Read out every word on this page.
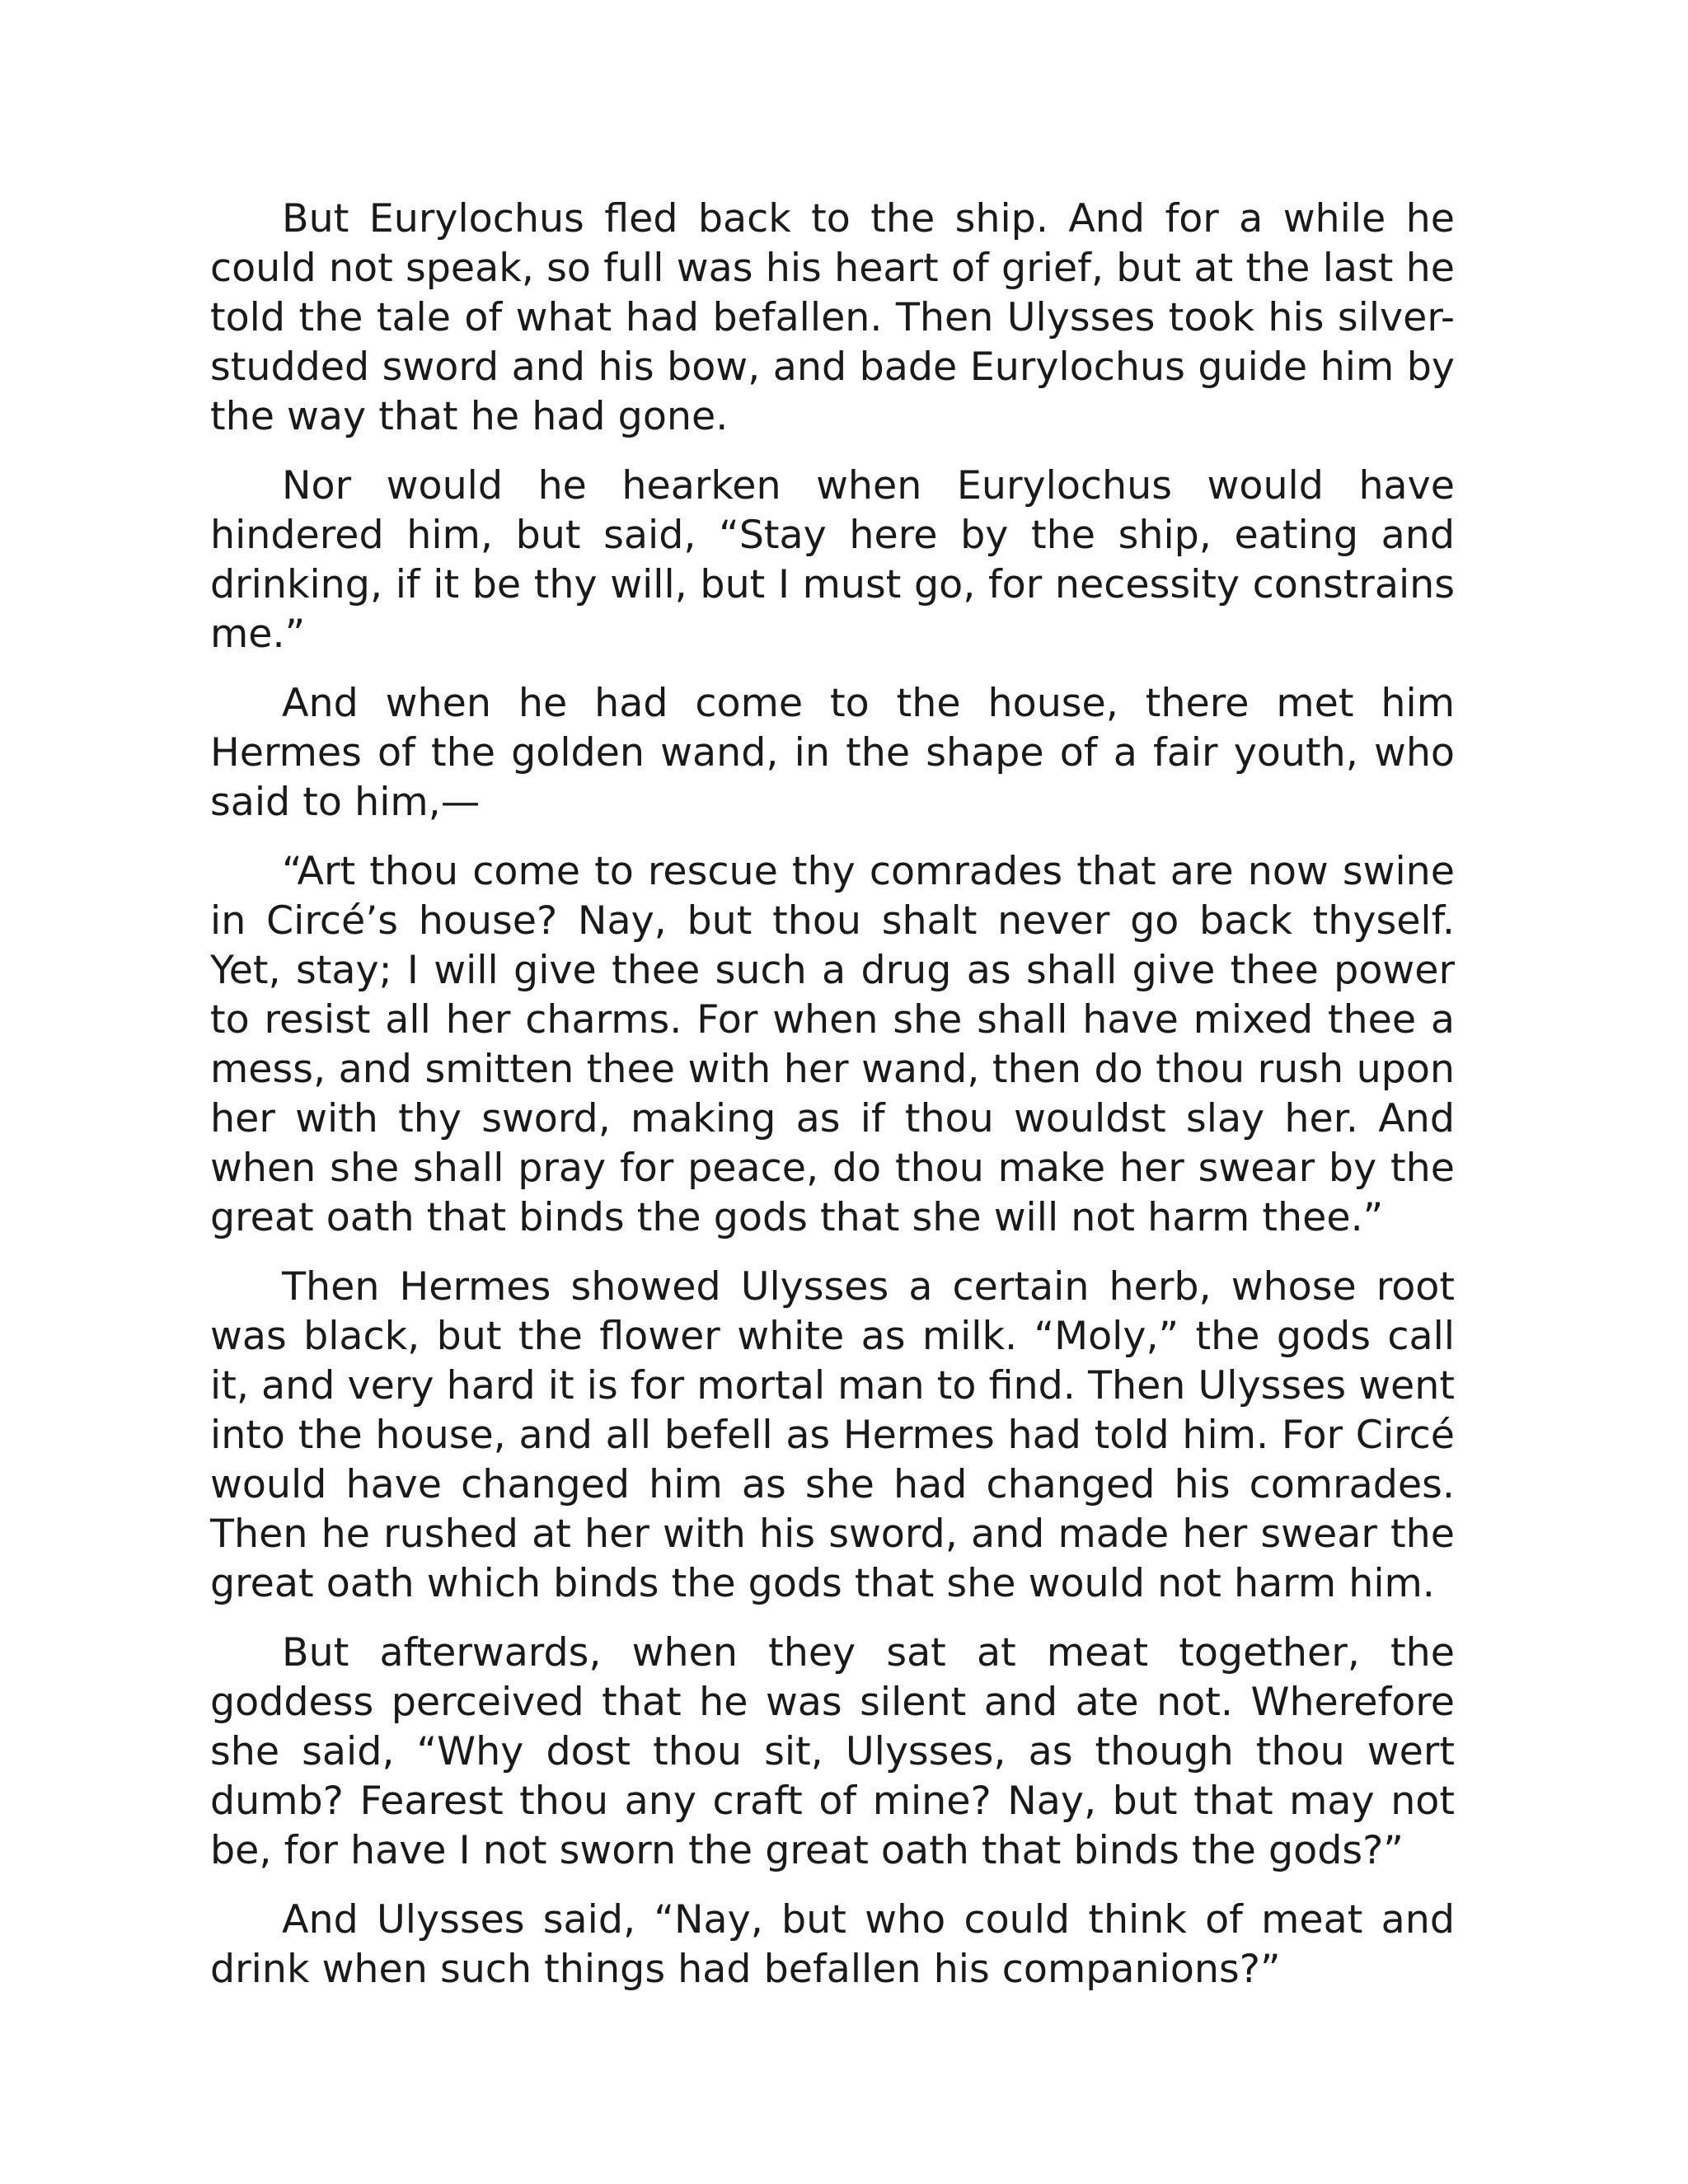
But Eurylochus fled back to the ship. And for a while he could not speak, so full was his heart of grief, but at the last he told the tale of what had befallen. Then Ulysses took his silver-studded sword and his bow, and bade Eurylochus guide him by the way that he had gone.

Nor would he hearken when Eurylochus would have hindered him, but said, “Stay here by the ship, eating and drinking, if it be thy will, but I must go, for necessity constrains me.”

And when he had come to the house, there met him Hermes of the golden wand, in the shape of a fair youth, who said to him,—

“Art thou come to rescue thy comrades that are now swine in Circé’s house? Nay, but thou shalt never go back thyself. Yet, stay; I will give thee such a drug as shall give thee power to resist all her charms. For when she shall have mixed thee a mess, and smitten thee with her wand, then do thou rush upon her with thy sword, making as if thou wouldst slay her. And when she shall pray for peace, do thou make her swear by the great oath that binds the gods that she will not harm thee.”

Then Hermes showed Ulysses a certain herb, whose root was black, but the flower white as milk. “Moly,” the gods call it, and very hard it is for mortal man to find. Then Ulysses went into the house, and all befell as Hermes had told him. For Circé would have changed him as she had changed his comrades. Then he rushed at her with his sword, and made her swear the great oath which binds the gods that she would not harm him.

But afterwards, when they sat at meat together, the goddess perceived that he was silent and ate not. Wherefore she said, “Why dost thou sit, Ulysses, as though thou wert dumb? Fearest thou any craft of mine? Nay, but that may not be, for have I not sworn the great oath that binds the gods?”

And Ulysses said, “Nay, but who could think of meat and drink when such things had befallen his companions?”
